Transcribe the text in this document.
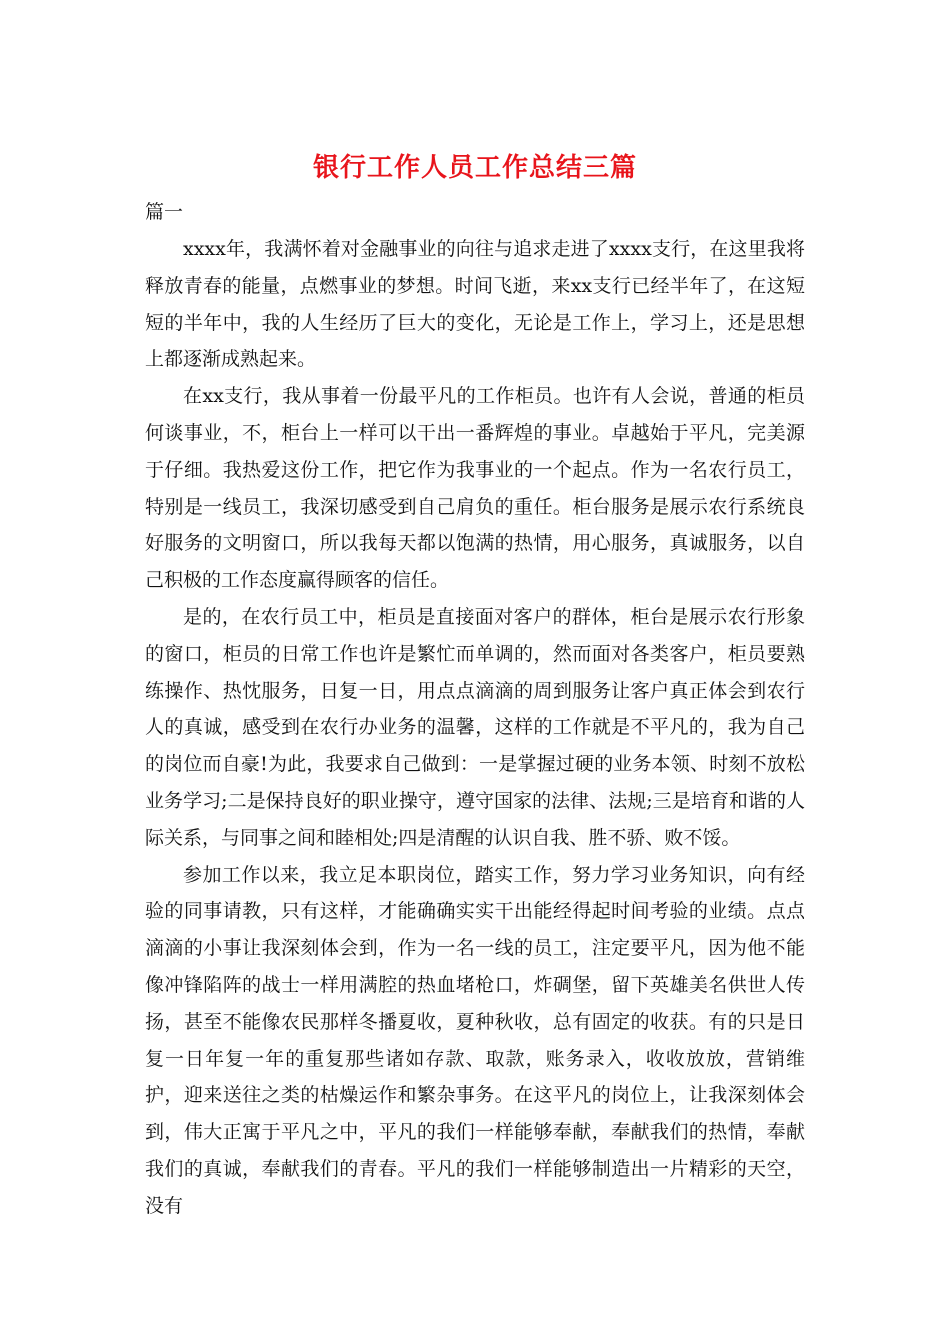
银行工作人员工作总结三篇
篇一

xxxx年，我满怀着对金融事业的向往与追求走进了xxxx支行，在这里我将释放青春的能量，点燃事业的梦想。时间飞逝，来xx支行已经半年了，在这短短的半年中，我的人生经历了巨大的变化，无论是工作上，学习上，还是思想上都逐渐成熟起来。

在xx支行，我从事着一份最平凡的工作柜员。也许有人会说，普通的柜员何谈事业，不，柜台上一样可以干出一番辉煌的事业。卓越始于平凡，完美源于仔细。我热爱这份工作，把它作为我事业的一个起点。作为一名农行员工，特别是一线员工，我深切感受到自己肩负的重任。柜台服务是展示农行系统良好服务的文明窗口，所以我每天都以饱满的热情，用心服务，真诚服务，以自己积极的工作态度赢得顾客的信任。

是的，在农行员工中，柜员是直接面对客户的群体，柜台是展示农行形象的窗口，柜员的日常工作也许是繁忙而单调的，然而面对各类客户，柜员要熟练操作、热忱服务，日复一日，用点点滴滴的周到服务让客户真正体会到农行人的真诚，感受到在农行办业务的温馨，这样的工作就是不平凡的，我为自己的岗位而自豪!为此，我要求自己做到：一是掌握过硬的业务本领、时刻不放松业务学习;二是保持良好的职业操守，遵守国家的法律、法规;三是培育和谐的人际关系，与同事之间和睦相处;四是清醒的认识自我、胜不骄、败不馁。

参加工作以来，我立足本职岗位，踏实工作，努力学习业务知识，向有经验的同事请教，只有这样，才能确确实实干出能经得起时间考验的业绩。点点滴滴的小事让我深刻体会到，作为一名一线的员工，注定要平凡，因为他不能像冲锋陷阵的战士一样用满腔的热血堵枪口，炸碉堡，留下英雄美名供世人传扬，甚至不能像农民那样冬播夏收，夏种秋收，总有固定的收获。有的只是日复一日年复一年的重复那些诸如存款、取款，账务录入，收收放放，营销维护，迎来送往之类的枯燥运作和繁杂事务。在这平凡的岗位上，让我深刻体会到，伟大正寓于平凡之中，平凡的我们一样能够奉献，奉献我们的热情，奉献我们的真诚，奉献我们的青春。平凡的我们一样能够制造出一片精彩的天空，没有
